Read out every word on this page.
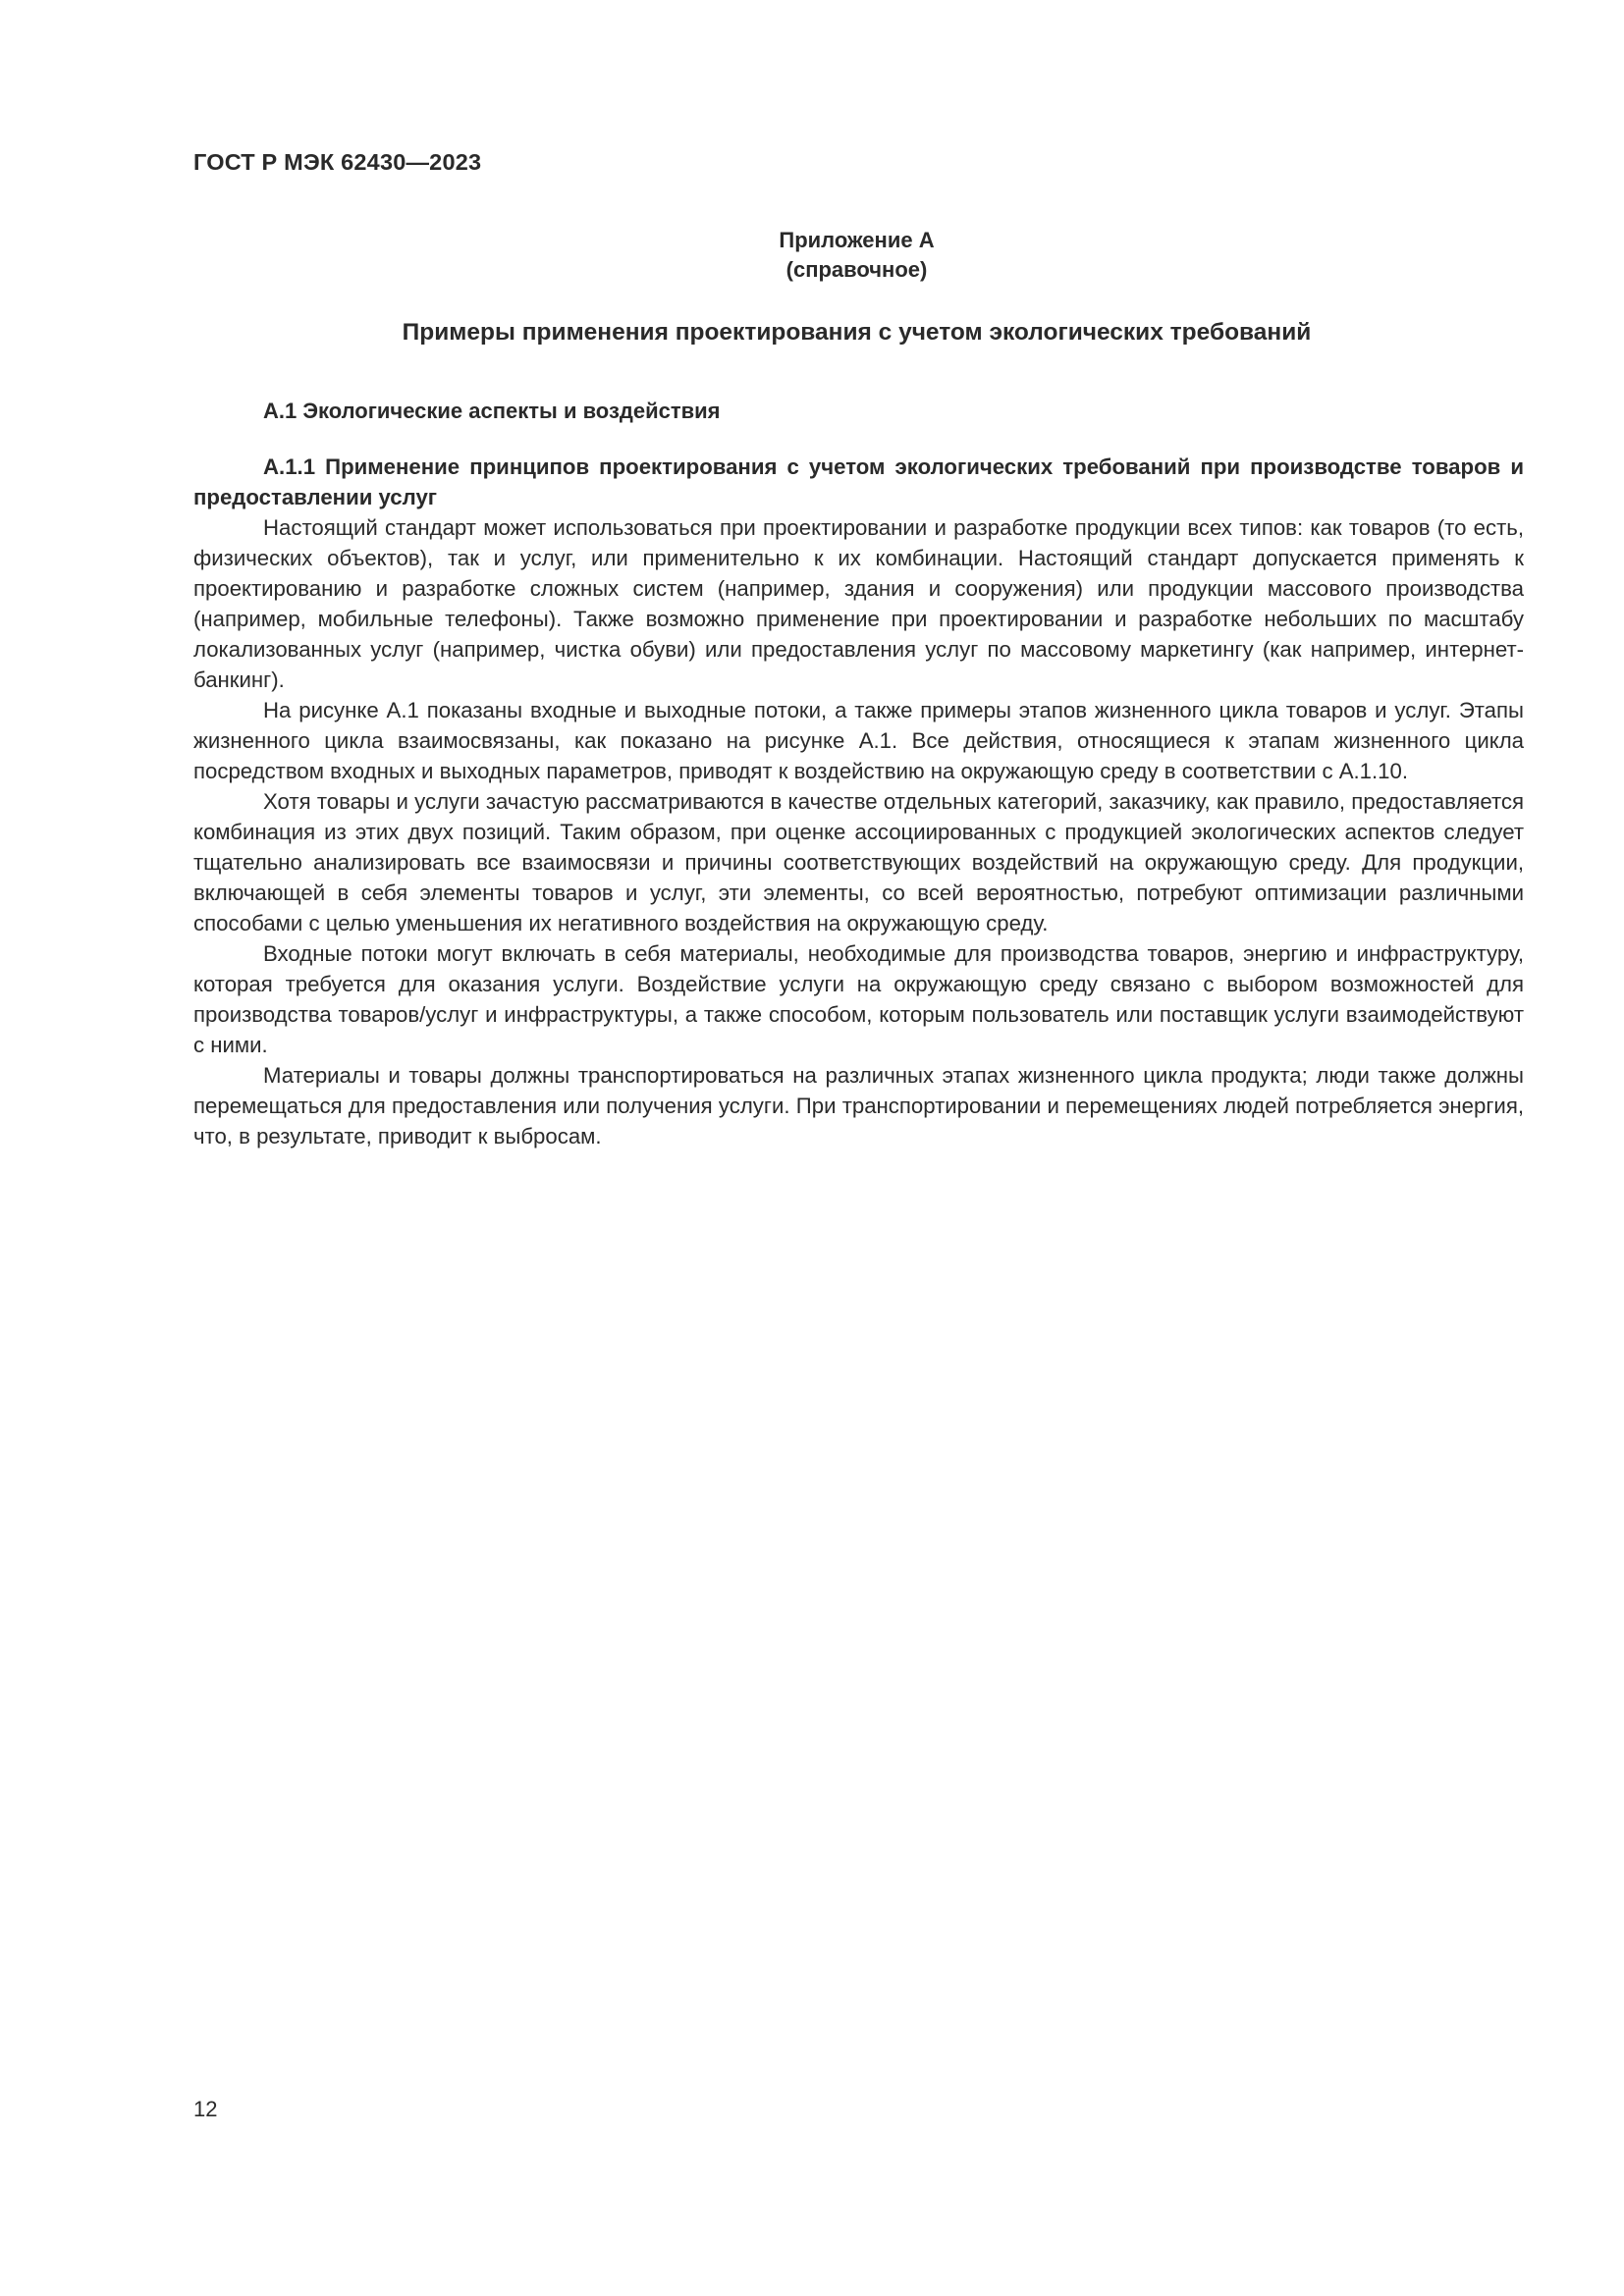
ГОСТ Р МЭК 62430—2023
Приложение А
(справочное)
Примеры применения проектирования с учетом экологических требований
А.1 Экологические аспекты и воздействия

А.1.1 Применение принципов проектирования с учетом экологических требований при производстве товаров и предоставлении услуг

Настоящий стандарт может использоваться при проектировании и разработке продукции всех типов: как товаров (то есть, физических объектов), так и услуг, или применительно к их комбинации. Настоящий стандарт допускается применять к проектированию и разработке сложных систем (например, здания и сооружения) или продукции массового производства (например, мобильные телефоны). Также возможно применение при проектировании и разработке небольших по масштабу локализованных услуг (например, чистка обуви) или предоставления услуг по массовому маркетингу (как например, интернет-банкинг).

На рисунке А.1 показаны входные и выходные потоки, а также примеры этапов жизненного цикла товаров и услуг. Этапы жизненного цикла взаимосвязаны, как показано на рисунке А.1. Все действия, относящиеся к этапам жизненного цикла посредством входных и выходных параметров, приводят к воздействию на окружающую среду в соответствии с А.1.10.

Хотя товары и услуги зачастую рассматриваются в качестве отдельных категорий, заказчику, как правило, предоставляется комбинация из этих двух позиций. Таким образом, при оценке ассоциированных с продукцией экологических аспектов следует тщательно анализировать все взаимосвязи и причины соответствующих воздействий на окружающую среду. Для продукции, включающей в себя элементы товаров и услуг, эти элементы, со всей вероятностью, потребуют оптимизации различными способами с целью уменьшения их негативного воздействия на окружающую среду.

Входные потоки могут включать в себя материалы, необходимые для производства товаров, энергию и инфраструктуру, которая требуется для оказания услуги. Воздействие услуги на окружающую среду связано с выбором возможностей для производства товаров/услуг и инфраструктуры, а также способом, которым пользователь или поставщик услуги взаимодействуют с ними.

Материалы и товары должны транспортироваться на различных этапах жизненного цикла продукта; люди также должны перемещаться для предоставления или получения услуги. При транспортировании и перемещениях людей потребляется энергия, что, в результате, приводит к выбросам.

12
